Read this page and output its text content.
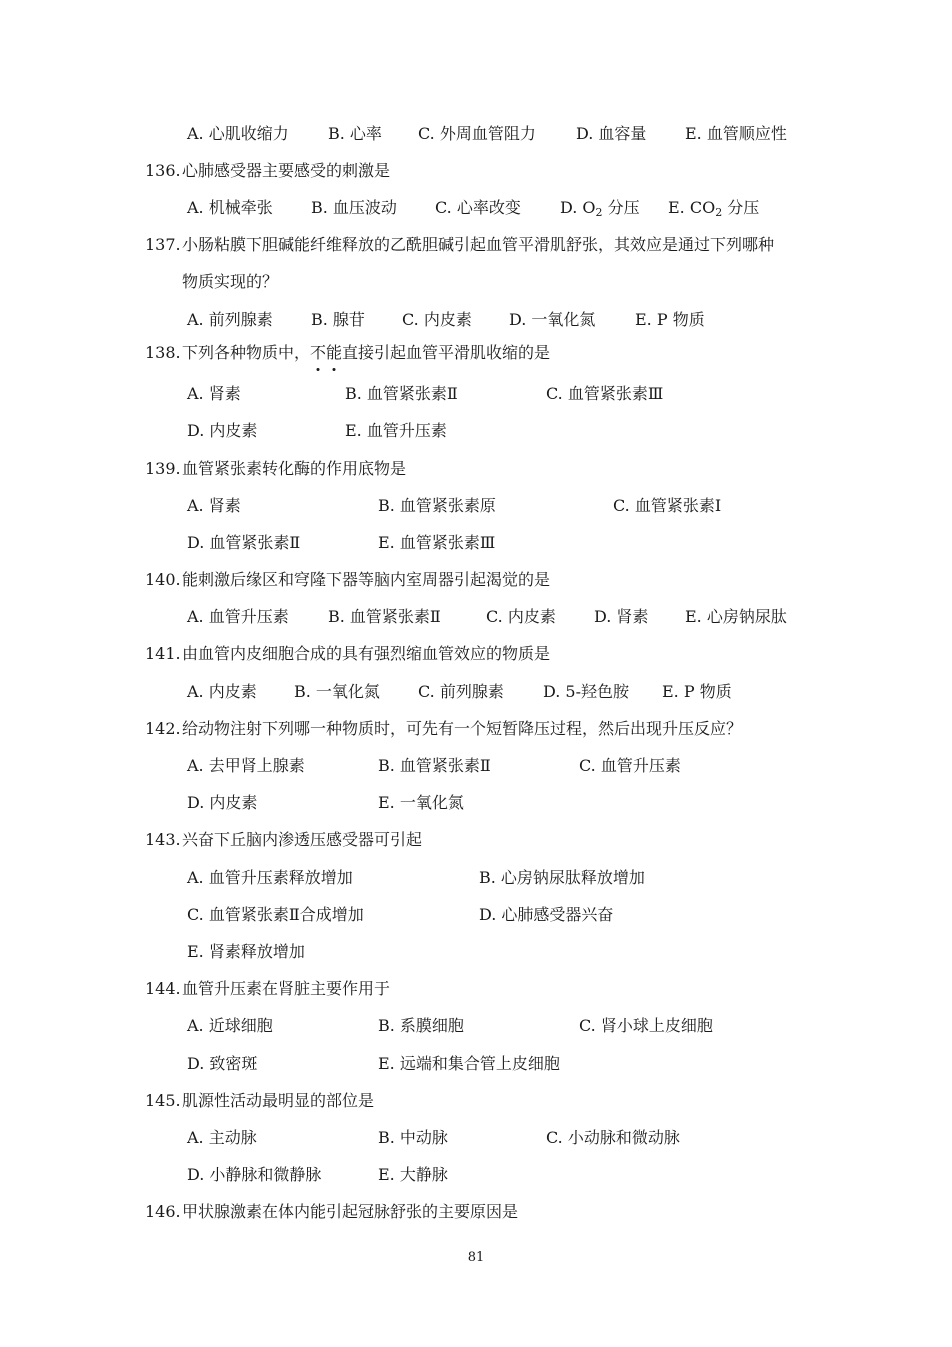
A. 心肌收缩力 B. 心率 C. 外周血管阻力	D. 血容量 E. 血管顺应性
136.心肺感受器主要感受的刺激是
A. 机械牵张 B. 血压波动 C. 心率改变 D. $O_2$ 分压 E. $CO_2$ 分压
137.小肠粘膜下胆碱能纤维释放的乙酰胆碱引起血管平滑肌舒张，其效应是通过下列哪种
物质实现的？
A. 前列腺素 B. 腺苷 C. 内皮素 D. 一氧化氮 E. P 物质
138.下列各种物质中，不能直接引起血管平滑肌收缩的是
A. 肾素	B. 血管紧张素Ⅱ	C. 血管紧张素Ⅲ
D. 内皮素	E. 血管升压素
139.血管紧张素转化酶的作用底物是
A. 肾素	B. 血管紧张素原	C. 血管紧张素Ⅰ
D. 血管紧张素Ⅱ	E. 血管紧张素Ⅲ
140.能刺激后缘区和穹隆下器等脑内室周器引起渴觉的是
A. 血管升压素 B. 血管紧张素Ⅱ	C. 内皮素 D. 肾素 E. 心房钠尿肽
141.由血管内皮细胞合成的具有强烈缩血管效应的物质是
A. 内皮素 B. 一氧化氮 C. 前列腺素 D. 5-羟色胺 E. P 物质
142.给动物注射下列哪一种物质时，可先有一个短暂降压过程，然后出现升压反应？
A. 去甲肾上腺素	B. 血管紧张素Ⅱ	C. 血管升压素
D. 内皮素	E. 一氧化氮
143.兴奋下丘脑内渗透压感受器可引起
A. 血管升压素释放增加	B. 心房钠尿肽释放增加
C. 血管紧张素Ⅱ合成增加	D. 心肺感受器兴奋
E. 肾素释放增加
144.血管升压素在肾脏主要作用于
A. 近球细胞	B. 系膜细胞	C. 肾小球上皮细胞
D. 致密斑	E. 远端和集合管上皮细胞
145.肌源性活动最明显的部位是
A. 主动脉	B. 中动脉	C. 小动脉和微动脉
D. 小静脉和微静脉	E. 大静脉
146.甲状腺激素在体内能引起冠脉舒张的主要原因是
81
